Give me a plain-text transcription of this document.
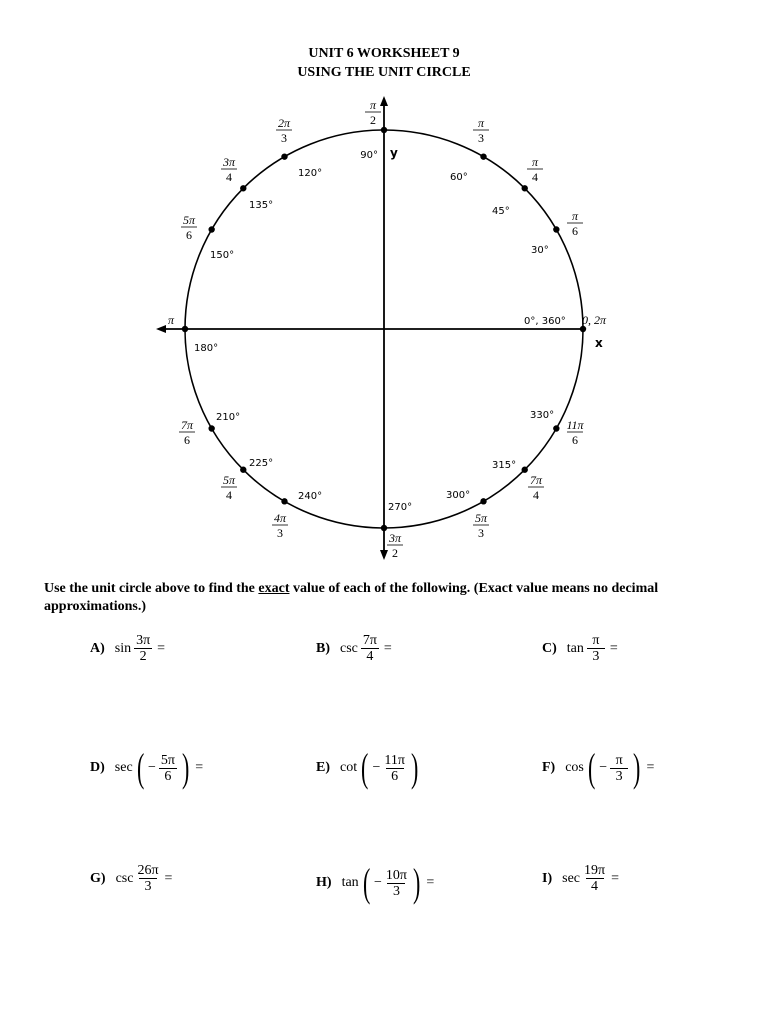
UNIT 6 WORKSHEET 9
USING THE UNIT CIRCLE
y
x
0°, 360° 0, 2π
30°
π
6
45°
π
4
60°
π
3
90°
π
2
120°
2π
3
135°
3π
4
150°
5π
6
180°
π
210°
7π
6
225°
5π
4	240°
4π
3
270°
3π
2
300°
5π
3
315°
7π
4
330°
11π
6
Use the unit circle above to find the exact value of each of the following. (Exact value means no decimal approximations.)
A) $\sin \frac{3\pi}{2}$ =	B) $\csc \frac{7\pi}{4}$ =	C) $\tan \frac{\pi}{3}$ =
D) sec ( − $\frac{5\pi}{6}$ ) =	E) cot ( − $\frac{11\pi}{6}$ )	F) cos ( − $\frac{\pi}{3}$ ) =
G) $\csc \frac{26\pi}{3}$ =	H) tan ( − $\frac{10\pi}{3}$ ) =	I) $\sec \frac{19\pi}{4}$ =
